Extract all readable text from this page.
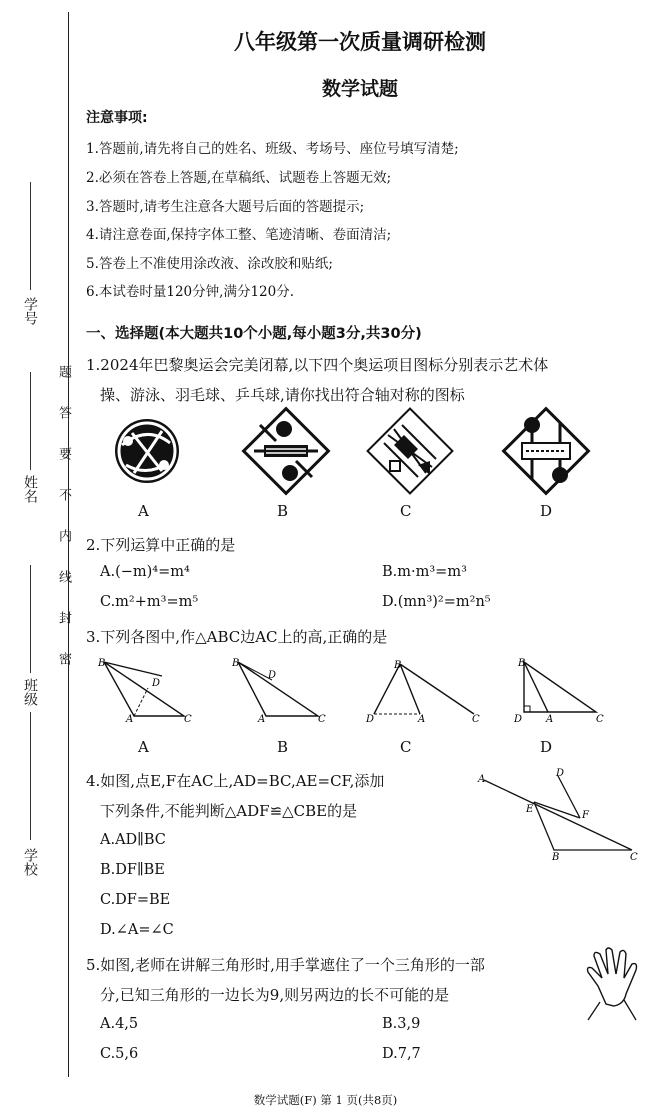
学号
姓名
班级
学校
题答要不内线封密
八年级第一次质量调研检测
数学试题
注意事项:
1.答题前,请先将自己的姓名、班级、考场号、座位号填写清楚;
2.必须在答卷上答题,在草稿纸、试题卷上答题无效;
3.答题时,请考生注意各大题号后面的答题提示;
4.请注意卷面,保持字体工整、笔迹清晰、卷面清洁;
5.答卷上不准使用涂改液、涂改胶和贴纸;
6.本试卷时量120分钟,满分120分.
一、选择题(本大题共10个小题,每小题3分,共30分)
1.2024年巴黎奥运会完美闭幕,以下四个奥运项目图标分别表示艺术体
操、游泳、羽毛球、乒乓球,请你找出符合轴对称的图标
A	B	C	D
2.下列运算中正确的是
A.(−m)⁴=m⁴	B.m·m³=m³
C.m²+m³=m⁵	D.(mn³)²=m²n⁵
3.下列各图中,作△ABC边AC上的高,正确的是
B
A	C
D
B
A	C
D
B
A	C
D
B
A	C
D
A	B	C	D
4.如图,点E,F在AC上,AD=BC,AE=CF,添加
下列条件,不能判断△ADF≌△CBE的是
A.AD∥BC
B.DF∥BE
C.DF=BE
D.∠A=∠C
A
D
E
F
B	C
5.如图,老师在讲解三角形时,用手掌遮住了一个三角形的一部
分,已知三角形的一边长为9,则另两边的长不可能的是
A.4,5	B.3,9
C.5,6	D.7,7
数学试题(F) 第 1 页(共8页)
